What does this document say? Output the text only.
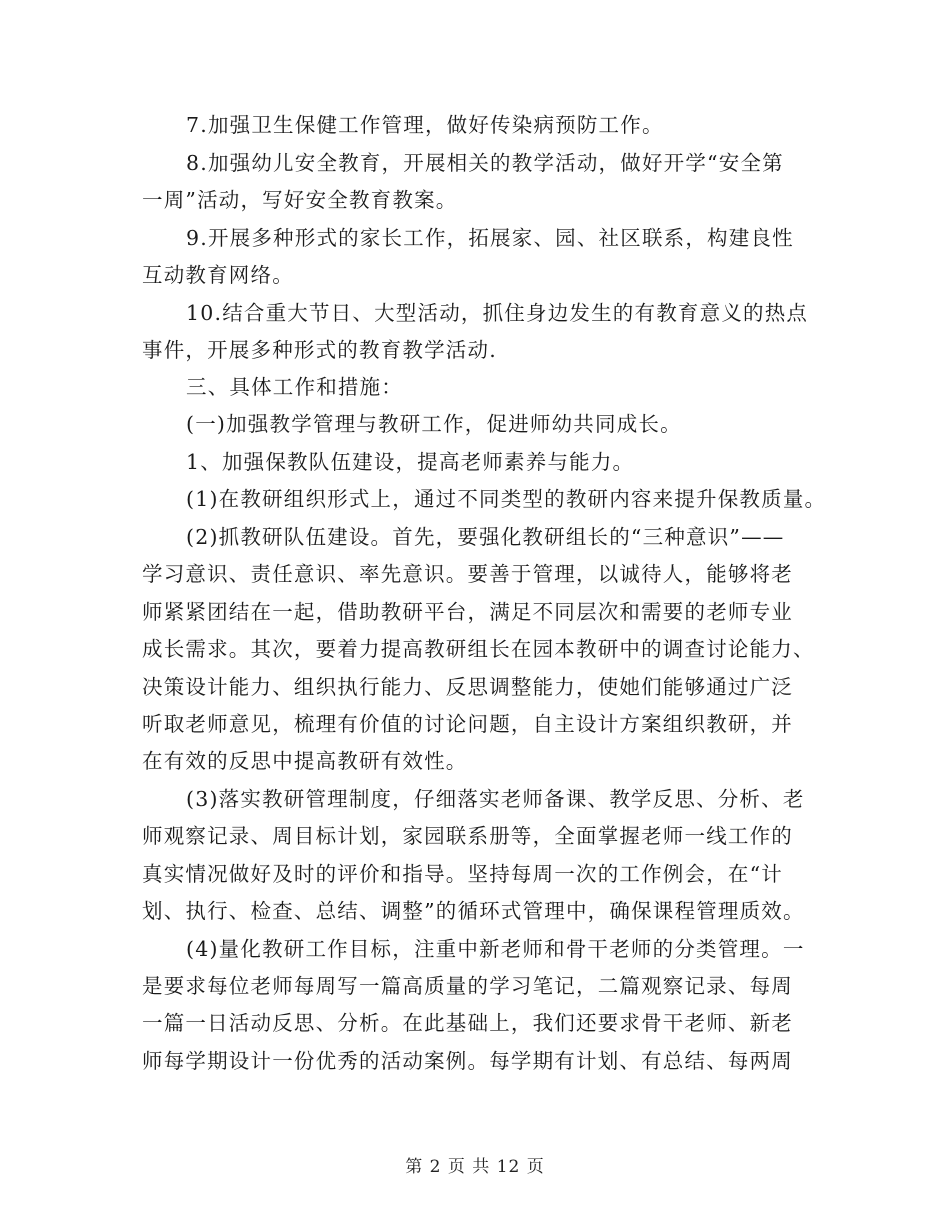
7.加强卫生保健工作管理，做好传染病预防工作。
8.加强幼儿安全教育，开展相关的教学活动，做好开学“安全第
一周”活动，写好安全教育教案。
9.开展多种形式的家长工作，拓展家、园、社区联系，构建良性
互动教育网络。
10.结合重大节日、大型活动，抓住身边发生的有教育意义的热点
事件，开展多种形式的教育教学活动.
三、具体工作和措施：
(一)加强教学管理与教研工作，促进师幼共同成长。
1、加强保教队伍建设，提高老师素养与能力。
(1)在教研组织形式上，通过不同类型的教研内容来提升保教质量。
(2)抓教研队伍建设。首先，要强化教研组长的“三种意识”——
学习意识、责任意识、率先意识。要善于管理，以诚待人，能够将老
师紧紧团结在一起，借助教研平台，满足不同层次和需要的老师专业
成长需求。其次，要着力提高教研组长在园本教研中的调查讨论能力、
决策设计能力、组织执行能力、反思调整能力，使她们能够通过广泛
听取老师意见，梳理有价值的讨论问题，自主设计方案组织教研，并
在有效的反思中提高教研有效性。
(3)落实教研管理制度，仔细落实老师备课、教学反思、分析、老
师观察记录、周目标计划，家园联系册等，全面掌握老师一线工作的
真实情况做好及时的评价和指导。坚持每周一次的工作例会，在“计
划、执行、检查、总结、调整”的循环式管理中，确保课程管理质效。
(4)量化教研工作目标，注重中新老师和骨干老师的分类管理。一
是要求每位老师每周写一篇高质量的学习笔记，二篇观察记录、每周
一篇一日活动反思、分析。在此基础上，我们还要求骨干老师、新老
师每学期设计一份优秀的活动案例。每学期有计划、有总结、每两周
第 2 页 共 12 页
